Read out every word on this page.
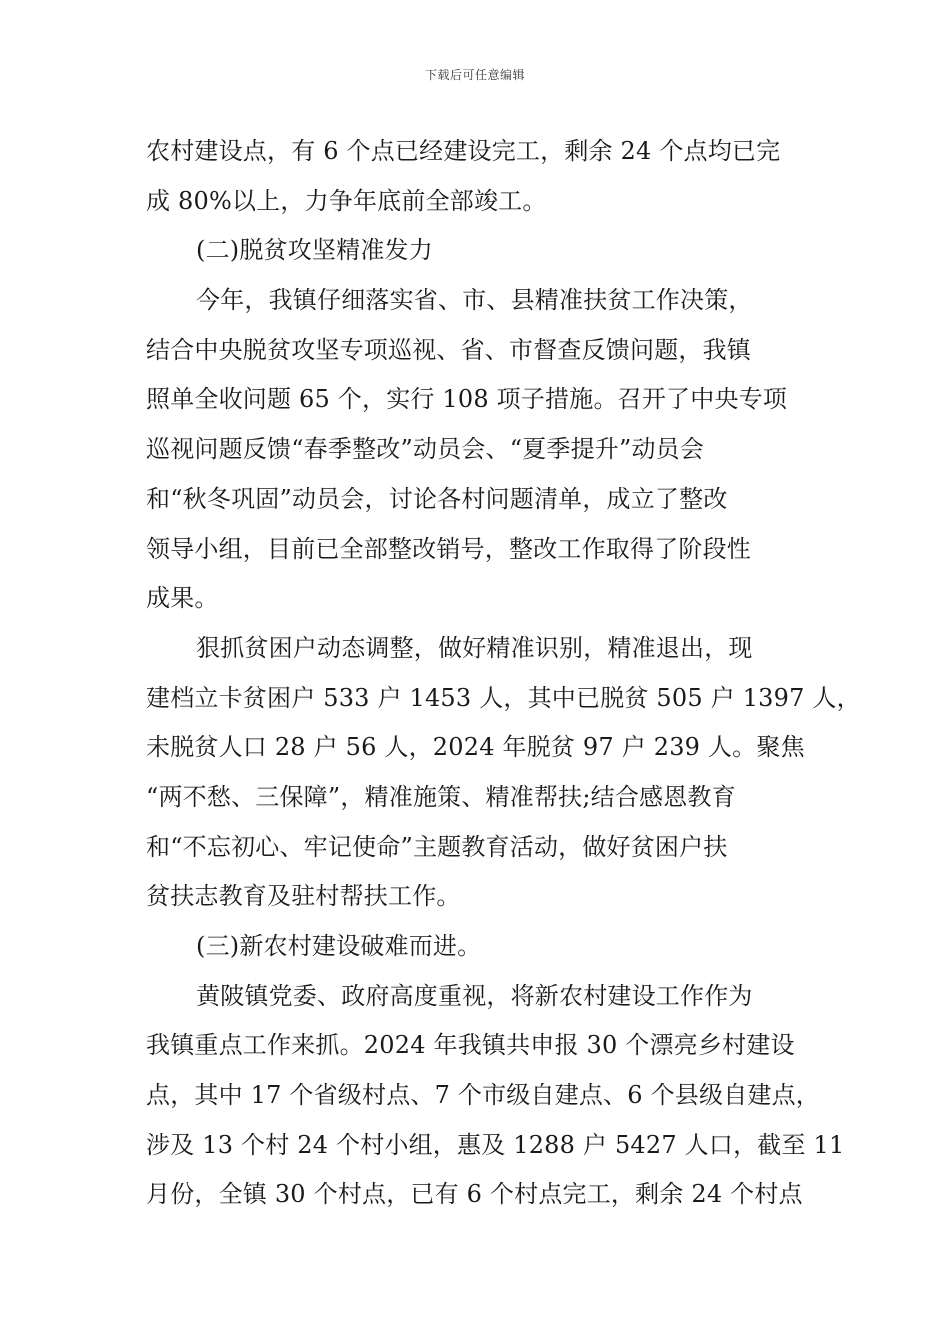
下载后可任意编辑
农村建设点，有 6 个点已经建设完工，剩余 24 个点均已完
成 80%以上，力争年底前全部竣工。
(二)脱贫攻坚精准发力
今年，我镇仔细落实省、市、县精准扶贫工作决策，
结合中央脱贫攻坚专项巡视、省、市督查反馈问题，我镇
照单全收问题 65 个，实行 108 项子措施。召开了中央专项
巡视问题反馈“春季整改”动员会、“夏季提升”动员会
和“秋冬巩固”动员会，讨论各村问题清单，成立了整改
领导小组，目前已全部整改销号，整改工作取得了阶段性
成果。
狠抓贫困户动态调整，做好精准识别，精准退出，现
建档立卡贫困户 533 户 1453 人，其中已脱贫 505 户 1397 人，
未脱贫人口 28 户 56 人，2024 年脱贫 97 户 239 人。聚焦
“两不愁、三保障”，精准施策、精准帮扶;结合感恩教育
和“不忘初心、牢记使命”主题教育活动，做好贫困户扶
贫扶志教育及驻村帮扶工作。
(三)新农村建设破难而进。
黄陂镇党委、政府高度重视，将新农村建设工作作为
我镇重点工作来抓。2024 年我镇共申报 30 个漂亮乡村建设
点，其中 17 个省级村点、7 个市级自建点、6 个县级自建点，
涉及 13 个村 24 个村小组，惠及 1288 户 5427 人口，截至 11
月份，全镇 30 个村点，已有 6 个村点完工，剩余 24 个村点
